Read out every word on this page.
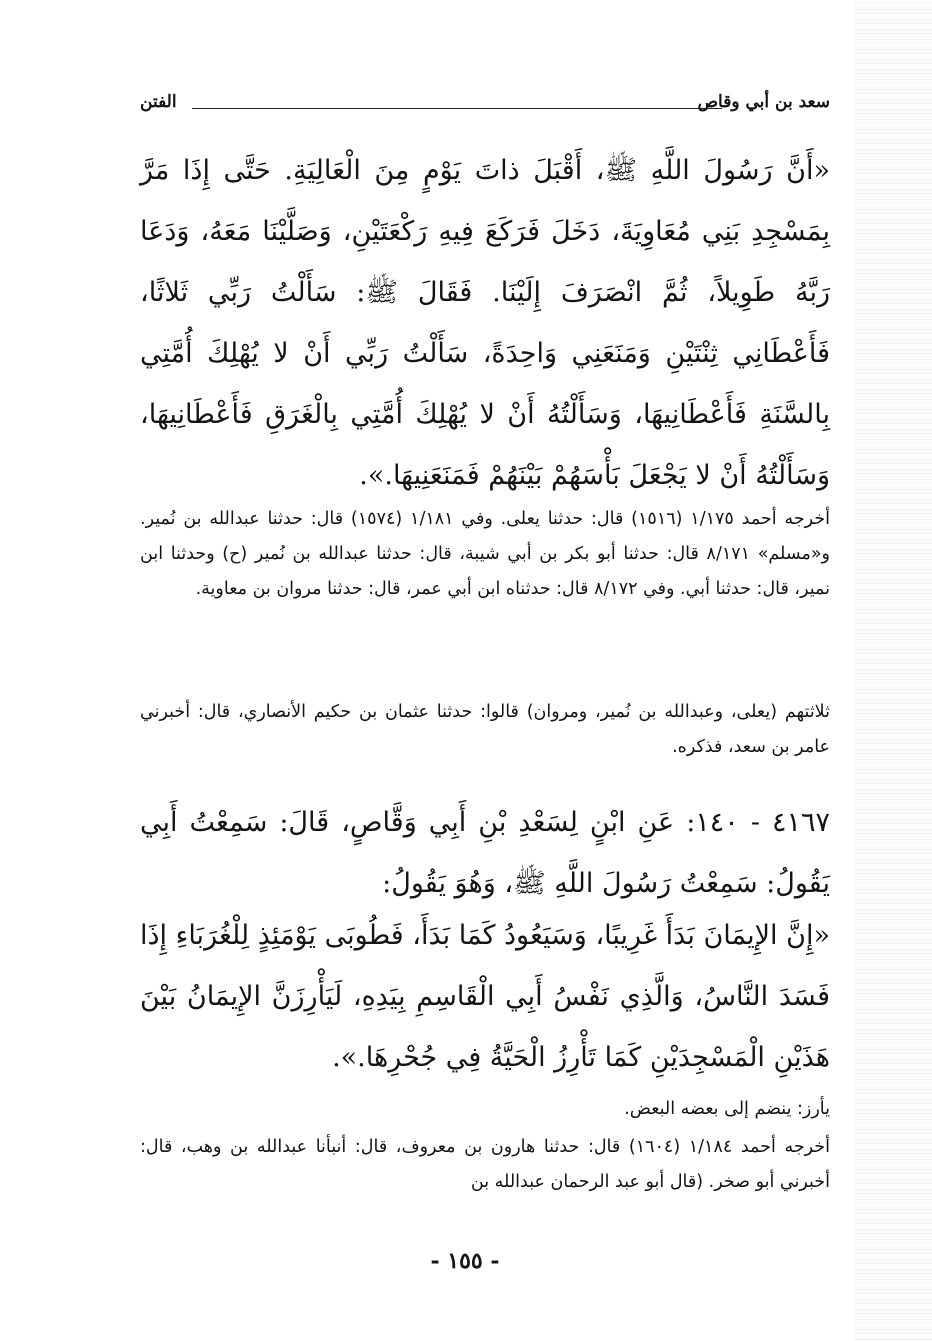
سعد بن أبي وقاص
الفتن

«أَنَّ رَسُولَ اللَّهِ ﷺ، أَقْبَلَ ذاتَ يَوْمٍ مِنَ الْعَالِيَةِ. حَتَّى إِذَا مَرَّ بِمَسْجِدِ بَنِي مُعَاوِيَةَ، دَخَلَ فَرَكَعَ فِيهِ رَكْعَتَيْنِ، وَصَلَّيْنَا مَعَهُ، وَدَعَا رَبَّهُ طَوِيلاً، ثُمَّ انْصَرَفَ إِلَيْنَا. فَقَالَ ﷺ: سَأَلْتُ رَبِّي ثَلاثًا، فَأَعْطَانِي ثِنْتَيْنِ وَمَنَعَنِي وَاحِدَةً، سَأَلْتُ رَبِّي أَنْ لا يُهْلِكَ أُمَّتِي بِالسَّنَةِ فَأَعْطَانِيهَا، وَسَأَلْتُهُ أَنْ لا يُهْلِكَ أُمَّتِي بِالْغَرَقِ فَأَعْطَانِيهَا، وَسَأَلْتُهُ أَنْ لا يَجْعَلَ بَأْسَهُمْ بَيْنَهُمْ فَمَنَعَنِيهَا.».

أخرجه أحمد ١/١٧٥ (١٥١٦) قال: حدثنا يعلى. وفي ١/١٨١ (١٥٧٤) قال: حدثنا عبدالله بن نُمير. و«مسلم» ٨/١٧١ قال: حدثنا أبو بكر بن أبي شيبة، قال: حدثنا عبدالله بن نُمير (ح) وحدثنا ابن نمير، قال: حدثنا أبي. وفي ٨/١٧٢ قال: حدثناه ابن أبي عمر، قال: حدثنا مروان بن معاوية.

ثلاثتهم (يعلى، وعبدالله بن نُمير، ومروان) قالوا: حدثنا عثمان بن حكيم الأنصاري، قال: أخبرني عامر بن سعد، فذكره.

٤١٦٧ - ١٤٠: عَنِ ابْنٍ لِسَعْدِ بْنِ أَبِي وَقَّاصٍ، قَالَ: سَمِعْتُ أَبِي يَقُولُ: سَمِعْتُ رَسُولَ اللَّهِ ﷺ، وَهُوَ يَقُولُ:

«إِنَّ الإِيمَانَ بَدَأَ غَرِيبًا، وَسَيَعُودُ كَمَا بَدَأَ، فَطُوبَى يَوْمَئِذٍ لِلْغُرَبَاءِ إِذَا فَسَدَ النَّاسُ، وَالَّذِي نَفْسُ أَبِي الْقَاسِمِ بِيَدِهِ، لَيَأْرِزَنَّ الإِيمَانُ بَيْنَ هَذَيْنِ الْمَسْجِدَيْنِ كَمَا تَأْرِزُ الْحَيَّةُ فِي جُحْرِهَا.».

يأرز: ينضم إلى بعضه البعض.

أخرجه أحمد ١/١٨٤ (١٦٠٤) قال: حدثنا هارون بن معروف، قال: أنبأنا عبدالله بن وهب، قال: أخبرني أبو صخر. (قال أبو عبد الرحمان عبدالله بن

- ١٥٥ -
